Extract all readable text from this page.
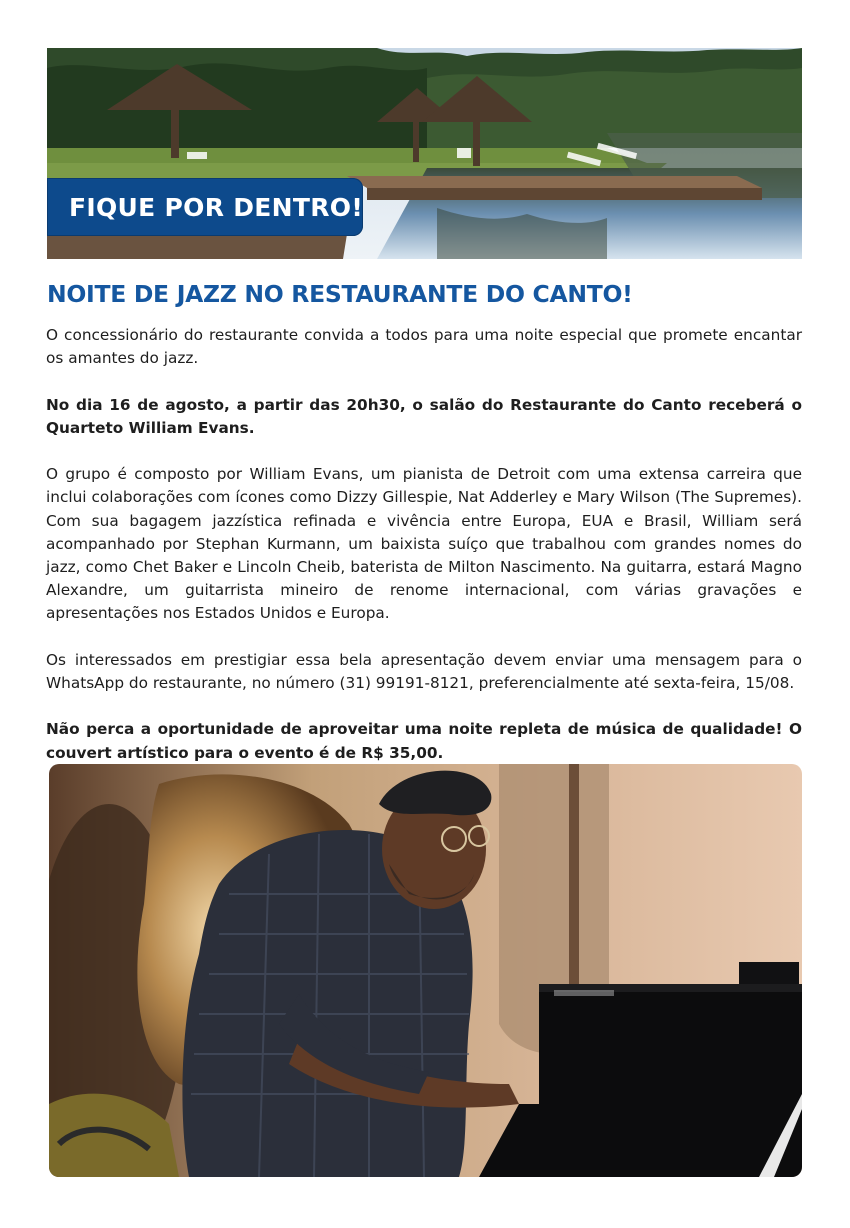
FIQUE POR DENTRO!
NOITE DE JAZZ NO RESTAURANTE DO CANTO!

O concessionário do restaurante convida a todos para uma noite especial que promete encantar os amantes do jazz.

No dia 16 de agosto, a partir das 20h30, o salão do Restaurante do Canto receberá o Quarteto William Evans.

O grupo é composto por William Evans, um pianista de Detroit com uma extensa carreira que inclui colaborações com ícones como Dizzy Gillespie, Nat Adderley e Mary Wilson (The Supremes). Com sua bagagem jazzística refinada e vivência entre Europa, EUA e Brasil, William será acompanhado por Stephan Kurmann, um baixista suíço que trabalhou com grandes nomes do jazz, como Chet Baker e Lincoln Cheib, baterista de Milton Nascimento. Na guitarra, estará Magno Alexandre, um guitarrista mineiro de renome internacional, com várias gravações e apresentações nos Estados Unidos e Europa.

Os interessados em prestigiar essa bela apresentação devem enviar uma mensagem para o WhatsApp do restaurante, no número (31) 99191-8121, preferencialmente até sexta-feira, 15/08.

Não perca a oportunidade de aproveitar uma noite repleta de música de qualidade! O couvert artístico para o evento é de R$ 35,00.
